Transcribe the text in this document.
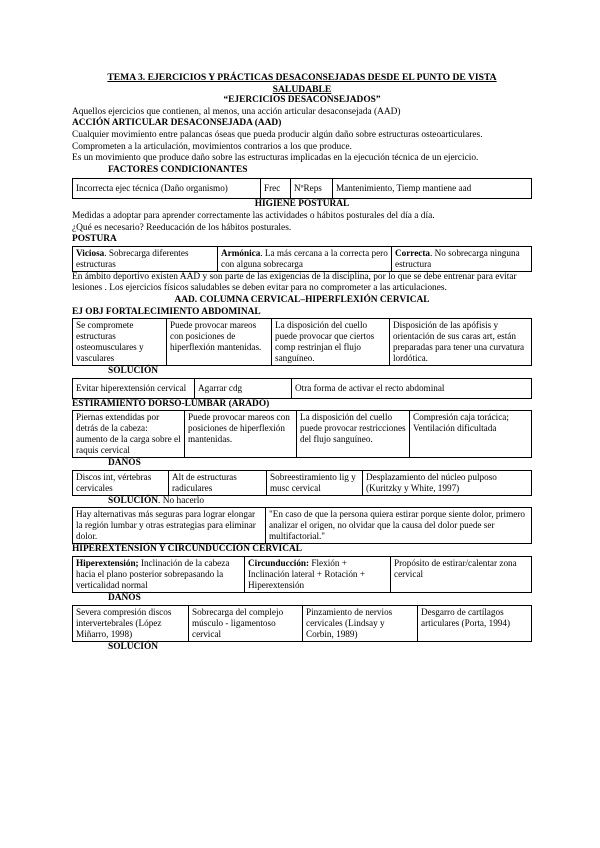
TEMA 3. EJERCICIOS Y PRÁCTICAS DESACONSEJADAS DESDE EL PUNTO DE VISTA

SALUDABLE

“EJERCICIOS DESACONSEJADOS”

Aquellos ejercicios que contienen, al menos, una acción articular desaconsejada (AAD)

ACCIÓN ARTICULAR DESACONSEJADA (AAD)

Cualquier movimiento entre palancas óseas que pueda producir algún daño sobre estructuras osteoarticulares. Comprometen a la articulación, movimientos contrarios a los que produce.

Es un movimiento que produce daño sobre las estructuras implicadas en la ejecución técnica de un ejercicio.

FACTORES CONDICIONANTES

Incorrecta ejec técnica (Daño organismo)	Frec	NºReps	Mantenimiento, Tiemp mantiene aad

HIGIENE POSTURAL

Medidas a adoptar para aprender correctamente las actividades o hábitos posturales del día a día.

¿Qué es necesario? Reeducación de los hábitos posturales.

POSTURA

Viciosa. Sobrecarga diferentes estructuras	Armónica. La más cercana a la correcta pero con alguna sobrecarga	Correcta. No sobrecarga ninguna estructura

En ámbito deportivo existen AAD y son parte de las exigencias de la disciplina, por lo que se debe entrenar para evitar lesiones . Los ejercicios físicos saludables se deben evitar para no comprometer a las articulaciones.

AAD. COLUMNA CERVICAL–HIPERFLEXIÓN CERVICAL

EJ OBJ FORTALECIMIENTO ABDOMINAL

Se compromete estructuras osteomusculares y vasculares	Puede provocar mareos con posiciones de hiperflexión mantenidas.	La disposición del cuello puede provocar que ciertos comp restrinjan el flujo sanguíneo.	Disposición de las apófisis y orientación de sus caras art, están preparadas para tener una curvatura lordótica.

SOLUCIÓN

Evitar hiperextensión cervical	Agarrar cdg	Otra forma de activar el recto abdominal

ESTIRAMIENTO DORSO-LUMBAR (ARADO)

Piernas extendidas por detrás de la cabeza: aumento de la carga sobre el raquis cervical	Puede provocar mareos con posiciones de hiperflexión mantenidas.	La disposición del cuello puede provocar restricciones del flujo sanguíneo.	Compresión caja torácica; Ventilación dificultada

DAÑOS

Discos int, vértebras cervicales	Alt de estructuras radiculares	Sobreestiramiento lig y musc cervical	Desplazamiento del núcleo pulposo (Kuritzky y White, 1997)

SOLUCIÓN. No hacerlo

Hay alternativas más seguras para lograr elongar la región lumbar y otras estrategias para eliminar dolor.	"En caso de que la persona quiera estirar porque siente dolor, primero analizar el origen, no olvidar que la causa del dolor puede ser multifactorial."

HIPEREXTENSIÓN Y CIRCUNDUCCIÓN CERVICAL

Hiperextensión; Inclinación de la cabeza hacia el plano posterior sobrepasando la verticalidad normal	Circunducción: Flexión + Inclinación lateral + Rotación + Hiperextensión	Propósito de estirar/calentar zona cervical

DAÑOS

Severa compresión discos intervertebrales (López Miñarro, 1998)	Sobrecarga del complejo músculo - ligamentoso cervical	Pinzamiento de nervios cervicales (Lindsay y Corbin, 1989)	Desgarro de cartílagos articulares (Porta, 1994)

SOLUCIÓN
